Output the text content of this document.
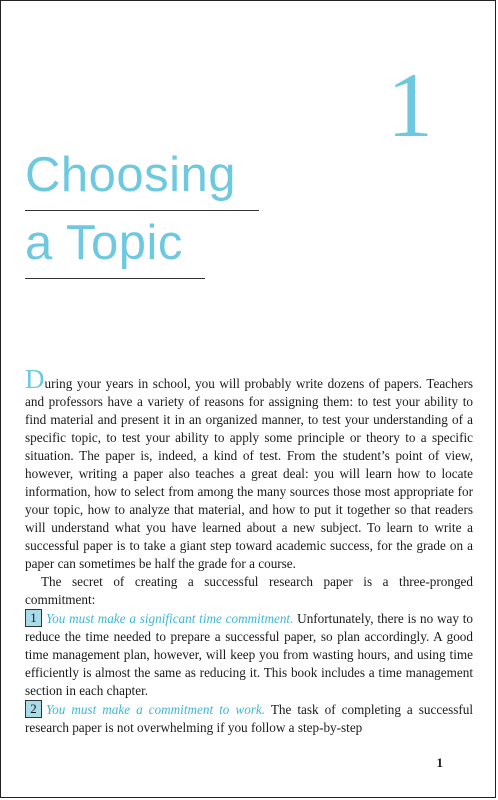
1
Choosing
a Topic

During your years in school, you will probably write dozens of papers. Teachers and professors have a variety of reasons for assigning them: to test your ability to find material and present it in an organized manner, to test your understanding of a specific topic, to test your ability to apply some principle or theory to a specific situation. The paper is, indeed, a kind of test. From the student’s point of view, however, writing a paper also teaches a great deal: you will learn how to locate information, how to select from among the many sources those most appropriate for your topic, how to analyze that material, and how to put it together so that readers will understand what you have learned about a new subject. To learn to write a successful paper is to take a giant step toward academic success, for the grade on a paper can sometimes be half the grade for a course.

The secret of creating a successful research paper is a three-pronged commitment:

1 You must make a significant time commitment. Unfortunately, there is no way to reduce the time needed to prepare a successful paper, so plan accordingly. A good time management plan, however, will keep you from wasting hours, and using time efficiently is almost the same as reducing it. This book includes a time management section in each chapter.

2 You must make a commitment to work. The task of completing a successful research paper is not overwhelming if you follow a step-by-step

1
